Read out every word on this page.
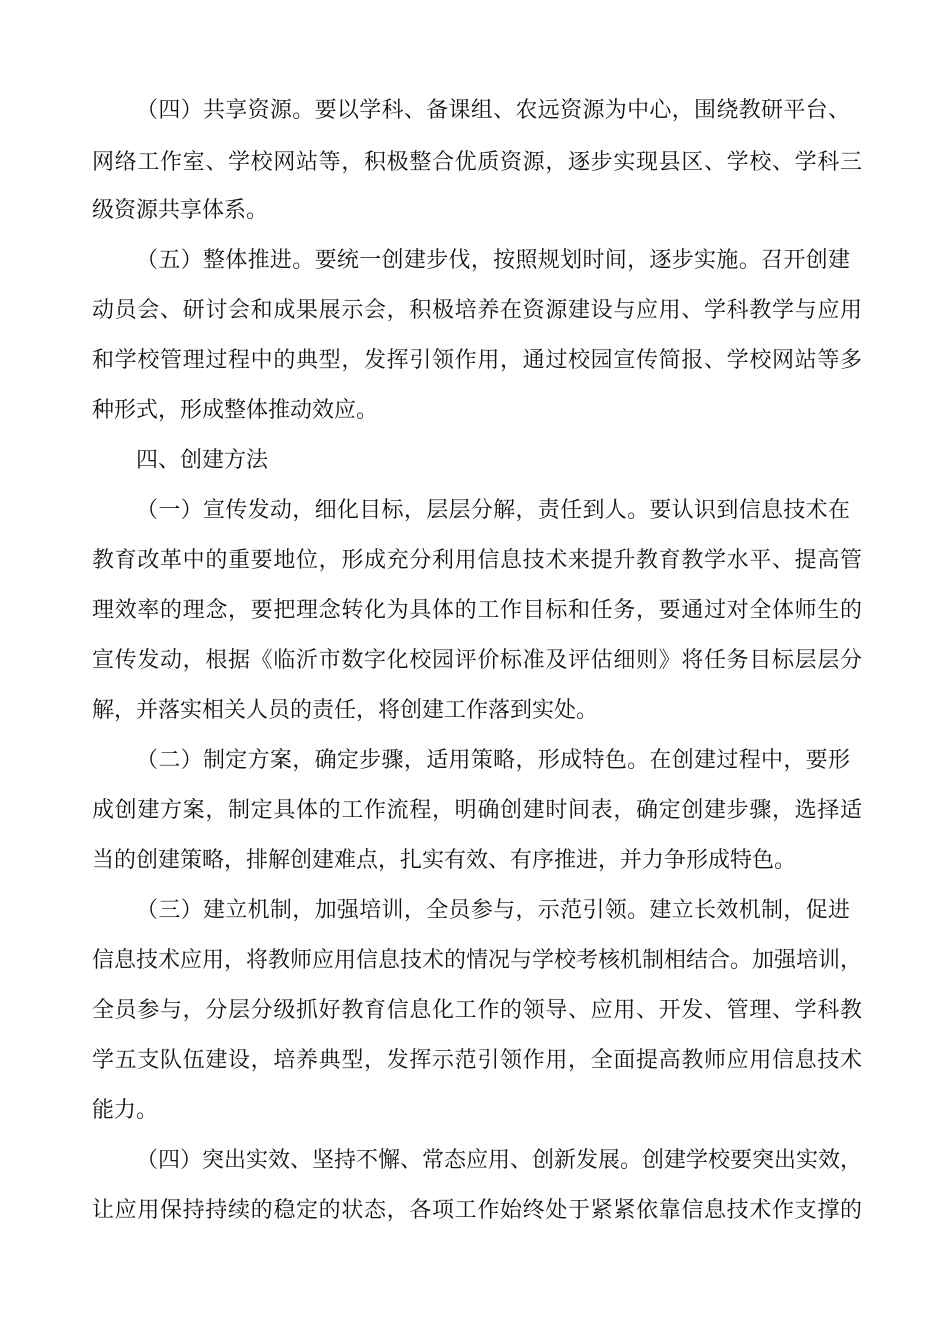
（四）共享资源。要以学科、备课组、农远资源为中心，围绕教研平台、
网络工作室、学校网站等，积极整合优质资源，逐步实现县区、学校、学科三
级资源共享体系。
（五）整体推进。要统一创建步伐，按照规划时间，逐步实施。召开创建
动员会、研讨会和成果展示会，积极培养在资源建设与应用、学科教学与应用
和学校管理过程中的典型，发挥引领作用，通过校园宣传简报、学校网站等多
种形式，形成整体推动效应。
四、创建方法
（一）宣传发动，细化目标，层层分解，责任到人。要认识到信息技术在
教育改革中的重要地位，形成充分利用信息技术来提升教育教学水平、提高管
理效率的理念，要把理念转化为具体的工作目标和任务，要通过对全体师生的
宣传发动，根据《临沂市数字化校园评价标准及评估细则》将任务目标层层分
解，并落实相关人员的责任，将创建工作落到实处。
（二）制定方案，确定步骤，适用策略，形成特色。在创建过程中，要形
成创建方案，制定具体的工作流程，明确创建时间表，确定创建步骤，选择适
当的创建策略，排解创建难点，扎实有效、有序推进，并力争形成特色。
（三）建立机制，加强培训，全员参与，示范引领。建立长效机制，促进
信息技术应用，将教师应用信息技术的情况与学校考核机制相结合。加强培训，
全员参与，分层分级抓好教育信息化工作的领导、应用、开发、管理、学科教
学五支队伍建设，培养典型，发挥示范引领作用，全面提高教师应用信息技术
能力。
（四）突出实效、坚持不懈、常态应用、创新发展。创建学校要突出实效，
让应用保持持续的稳定的状态，各项工作始终处于紧紧依靠信息技术作支撑的
